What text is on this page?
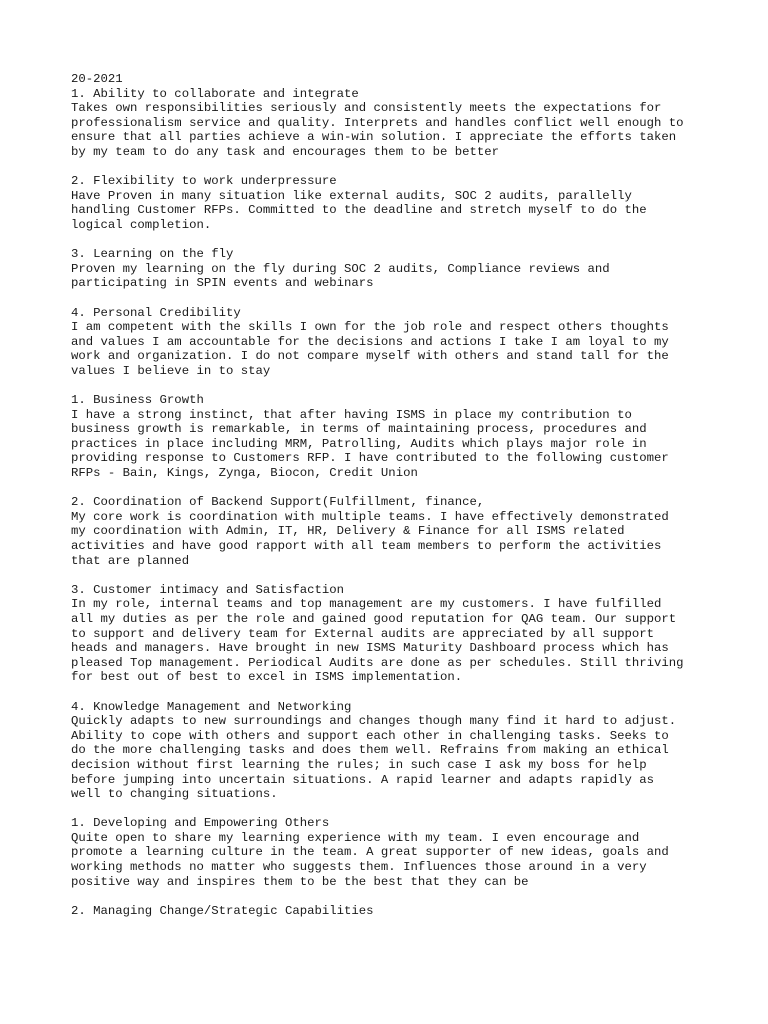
20-2021
1. Ability to collaborate and integrate
Takes own responsibilities seriously and consistently meets the expectations for
professionalism service and quality. Interprets and handles conflict well enough to
ensure that all parties achieve a win-win solution. I appreciate the efforts taken
by my team to do any task and encourages them to be better
2. Flexibility to work underpressure
Have Proven in many situation like external audits, SOC 2 audits, parallelly
handling Customer RFPs. Committed to the deadline and stretch myself to do the
logical completion.
3. Learning on the fly
Proven my learning on the fly during SOC 2 audits, Compliance reviews and
participating in SPIN events and webinars
4. Personal Credibility
I am competent with the skills I own for the job role and respect others thoughts
and values I am accountable for the decisions and actions I take I am loyal to my
work and organization. I do not compare myself with others and stand tall for the
values I believe in to stay
1. Business Growth
I have a strong instinct, that after having ISMS in place my contribution to
business growth is remarkable, in terms of maintaining process, procedures and
practices in place including MRM, Patrolling, Audits which plays major role in
providing response to Customers RFP. I have contributed to the following customer
RFPs - Bain, Kings, Zynga, Biocon, Credit Union
2. Coordination of Backend Support(Fulfillment, finance,
My core work is coordination with multiple teams. I have effectively demonstrated
my coordination with Admin, IT, HR, Delivery & Finance for all ISMS related
activities and have good rapport with all team members to perform the activities
that are planned
3. Customer intimacy and Satisfaction
In my role, internal teams and top management are my customers. I have fulfilled
all my duties as per the role and gained good reputation for QAG team. Our support
to support and delivery team for External audits are appreciated by all support
heads and managers. Have brought in new ISMS Maturity Dashboard process which has
pleased Top management. Periodical Audits are done as per schedules. Still thriving
for best out of best to excel in ISMS implementation.
4. Knowledge Management and Networking
Quickly adapts to new surroundings and changes though many find it hard to adjust.
Ability to cope with others and support each other in challenging tasks. Seeks to
do the more challenging tasks and does them well. Refrains from making an ethical
decision without first learning the rules; in such case I ask my boss for help
before jumping into uncertain situations. A rapid learner and adapts rapidly as
well to changing situations.
1. Developing and Empowering Others
Quite open to share my learning experience with my team. I even encourage and
promote a learning culture in the team. A great supporter of new ideas, goals and
working methods no matter who suggests them. Influences those around in a very
positive way and inspires them to be the best that they can be
2. Managing Change/Strategic Capabilities
